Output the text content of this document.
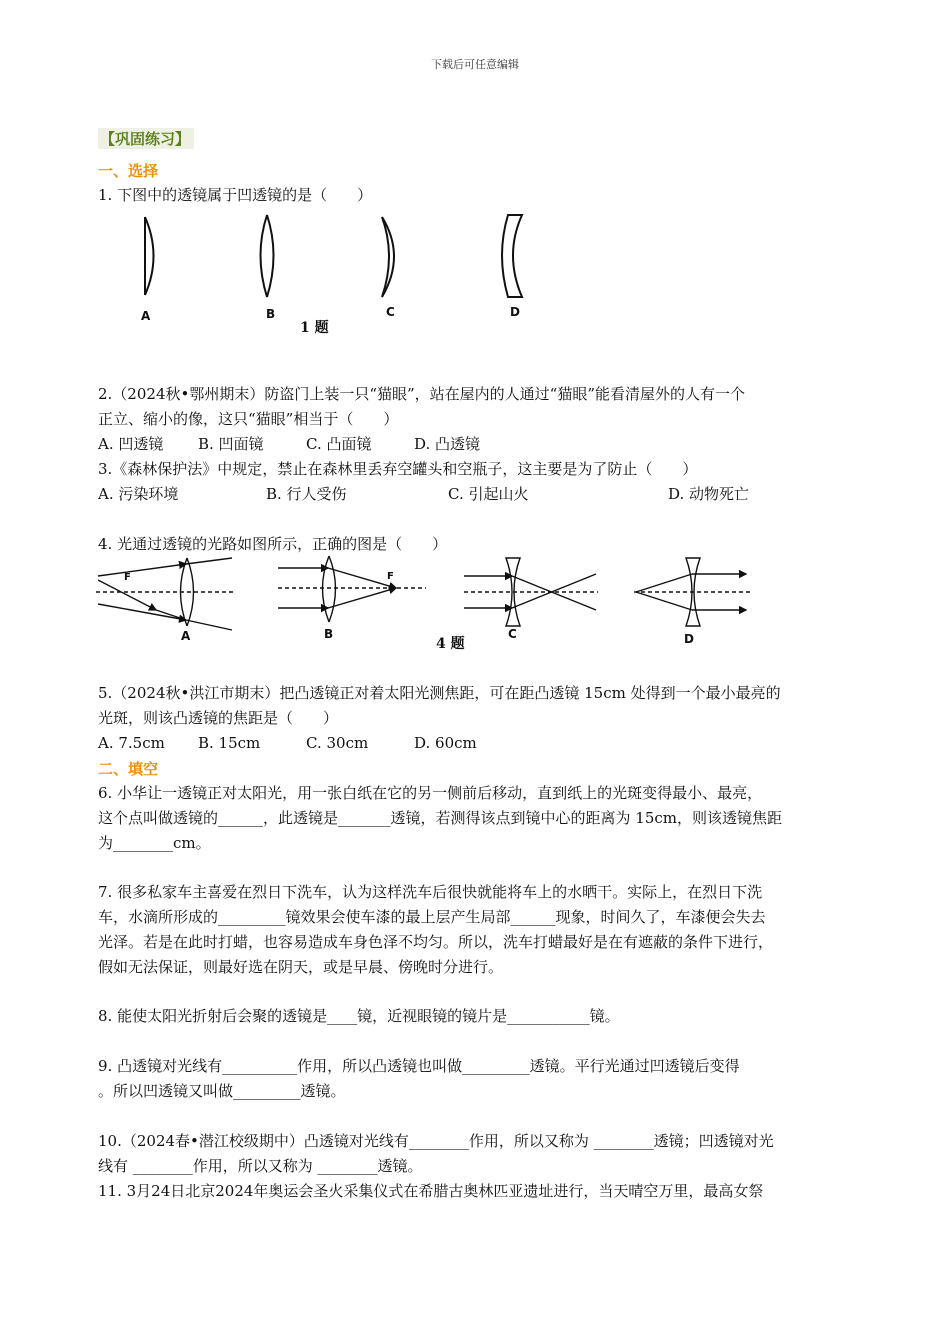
下载后可任意编辑
【巩固练习】
一、选择
1. 下图中的透镜属于凹透镜的是（　　）
A	B	C	D
1 题
2.（2024秋•鄂州期末）防盗门上装一只“猫眼”，站在屋内的人通过“猫眼”能看清屋外的人有一个
正立、缩小的像，这只“猫眼”相当于（　　）
A. 凹透镜 B. 凹面镜	C. 凸面镜	D. 凸透镜
3.《森林保护法》中规定，禁止在森林里丢弃空罐头和空瓶子，这主要是为了防止（　　）
A. 污染环境	B. 行人受伤	C. 引起山火	D. 动物死亡
4. 光通过透镜的光路如图所示，正确的图是（　　）
F	F
A	B	C	D
4 题
5.（2024秋•洪江市期末）把凸透镜正对着太阳光测焦距，可在距凸透镜 15cm 处得到一个最小最亮的
光斑，则该凸透镜的焦距是（　　）
A. 7.5cm B. 15cm	C. 30cm	D. 60cm
二、填空
6. 小华让一透镜正对太阳光，用一张白纸在它的另一侧前后移动，直到纸上的光斑变得最小、最亮，
这个点叫做透镜的______，此透镜是_______透镜，若测得该点到镜中心的距离为 15cm，则该透镜焦距
为________cm。
7. 很多私家车主喜爱在烈日下洗车，认为这样洗车后很快就能将车上的水晒干。实际上，在烈日下洗
车，水滴所形成的_________镜效果会使车漆的最上层产生局部______现象，时间久了，车漆便会失去
光泽。若是在此时打蜡，也容易造成车身色泽不均匀。所以，洗车打蜡最好是在有遮蔽的条件下进行，
假如无法保证，则最好选在阴天，或是早晨、傍晚时分进行。
8. 能使太阳光折射后会聚的透镜是____镜，近视眼镜的镜片是___________镜。
9. 凸透镜对光线有__________作用，所以凸透镜也叫做_________透镜。平行光通过凹透镜后变得
。所以凹透镜又叫做_________透镜。
10.（2024春•潜江校级期中）凸透镜对光线有________作用，所以又称为 ________透镜；凹透镜对光
线有 ________作用，所以又称为 ________透镜。
11. 3月24日北京2024年奥运会圣火采集仪式在希腊古奥林匹亚遗址进行，当天晴空万里，最高女祭
